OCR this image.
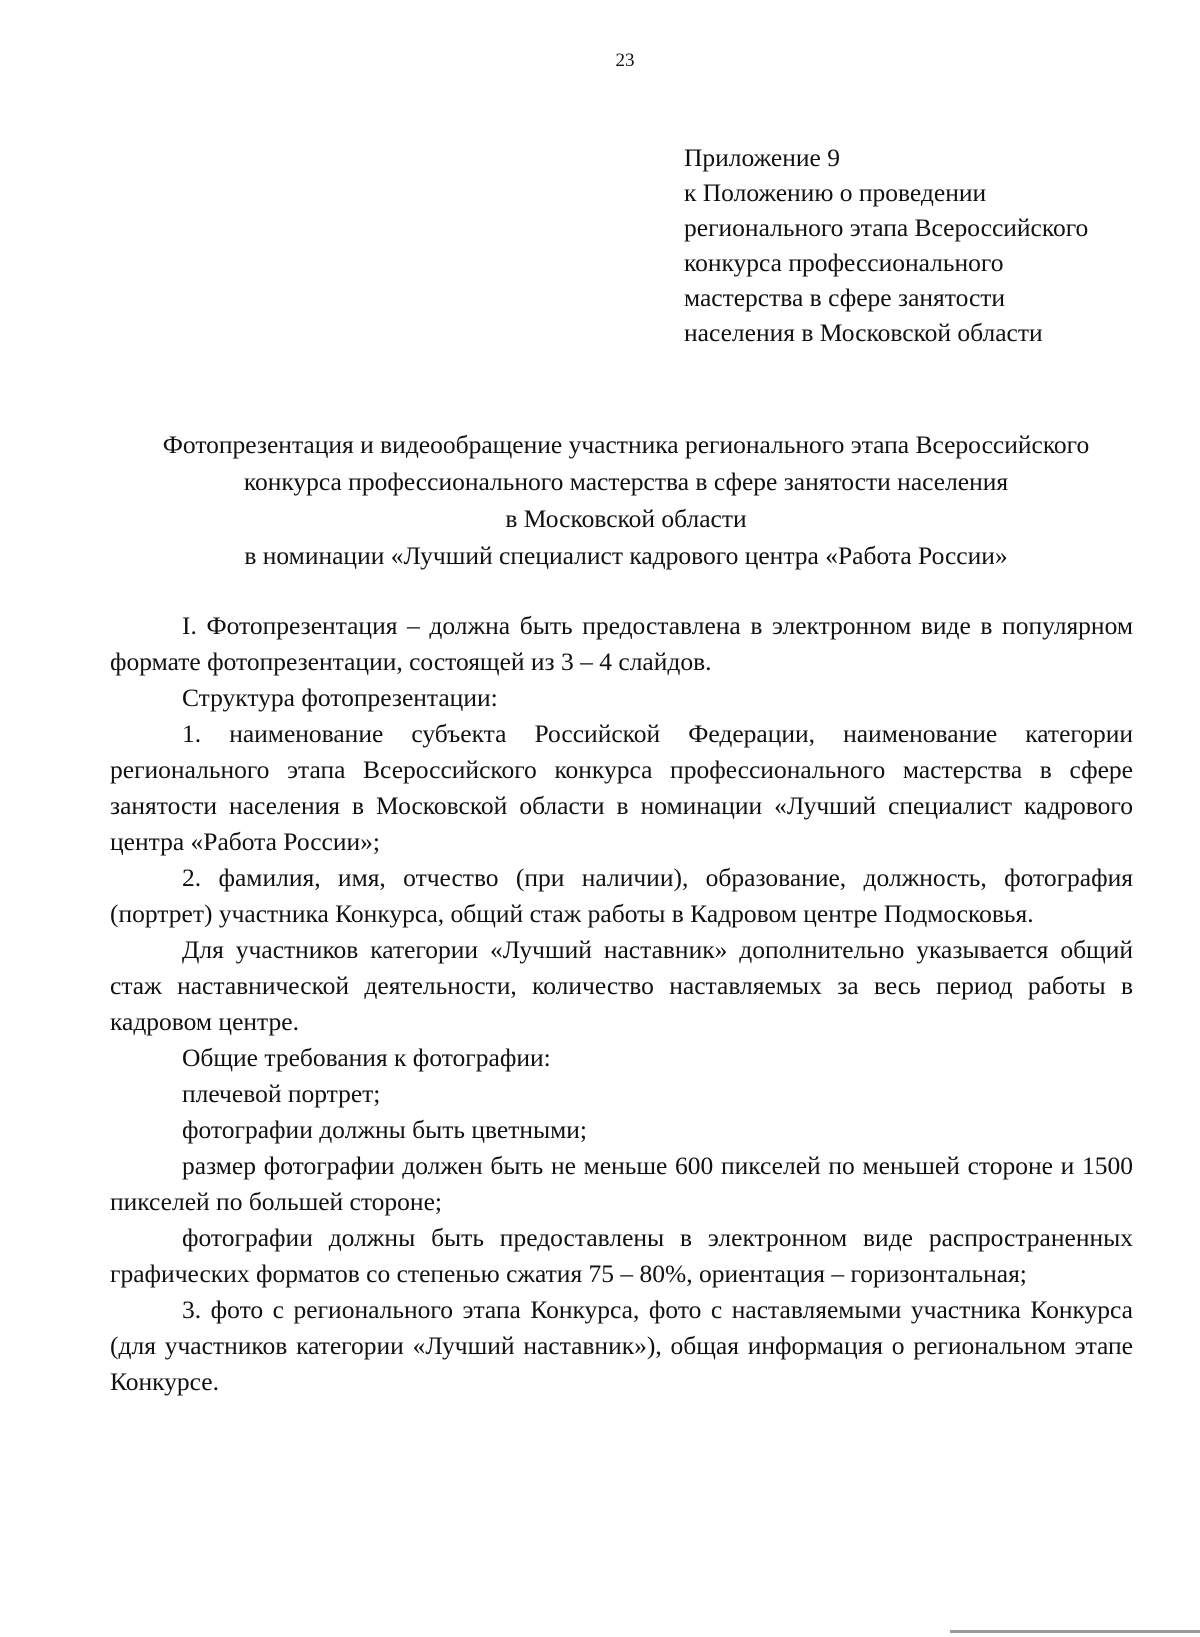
23
Приложение 9
к Положению о проведении
регионального этапа Всероссийского
конкурса профессионального
мастерства в сфере занятости
населения в Московской области
Фотопрезентация и видеообращение участника регионального этапа Всероссийского
конкурса профессионального мастерства в сфере занятости населения
в Московской области
в номинации «Лучший специалист кадрового центра «Работа России»

I. Фотопрезентация – должна быть предоставлена в электронном виде в популярном формате фотопрезентации, состоящей из 3 – 4 слайдов.

Структура фотопрезентации:

1. наименование субъекта Российской Федерации, наименование категории регионального этапа Всероссийского конкурса профессионального мастерства в сфере занятости населения в Московской области в номинации «Лучший специалист кадрового центра «Работа России»;

2. фамилия, имя, отчество (при наличии), образование, должность, фотография (портрет) участника Конкурса, общий стаж работы в Кадровом центре Подмосковья.

Для участников категории «Лучший наставник» дополнительно указывается общий стаж наставнической деятельности, количество наставляемых за весь период работы в кадровом центре.

Общие требования к фотографии:

плечевой портрет;

фотографии должны быть цветными;

размер фотографии должен быть не меньше 600 пикселей по меньшей стороне и 1500 пикселей по большей стороне;

фотографии должны быть предоставлены в электронном виде распространенных графических форматов со степенью сжатия 75 – 80%, ориентация – горизонтальная;

3. фото с регионального этапа Конкурса, фото с наставляемыми участника Конкурса (для участников категории «Лучший наставник»), общая информация о региональном этапе Конкурсе.
